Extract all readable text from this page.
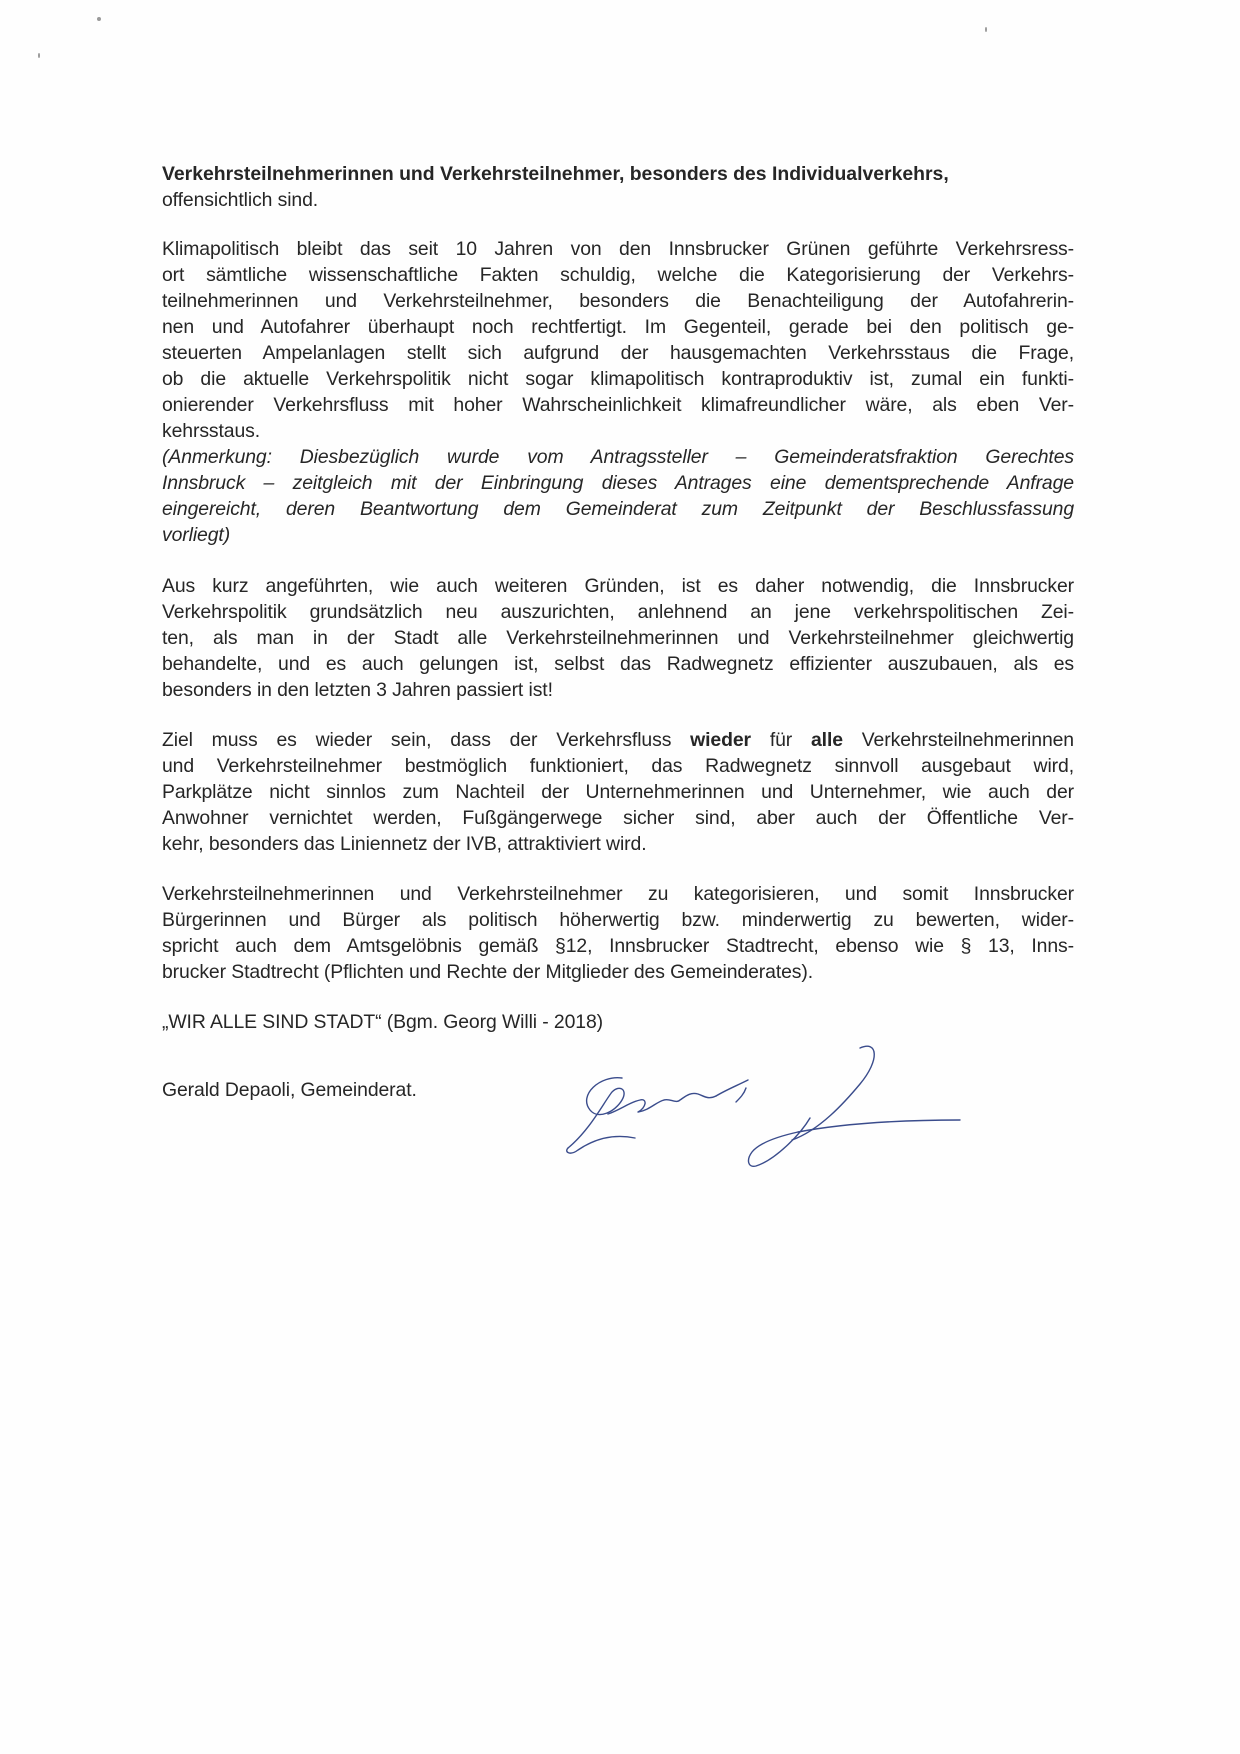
Verkehrsteilnehmerinnen und Verkehrsteilnehmer, besonders des Individualverkehrs,
offensichtlich sind.
Klimapolitisch bleibt das seit 10 Jahren von den Innsbrucker Grünen geführte Verkehrsress-
ort sämtliche wissenschaftliche Fakten schuldig, welche die Kategorisierung der Verkehrs-
teilnehmerinnen und Verkehrsteilnehmer, besonders die Benachteiligung der Autofahrerin-
nen und Autofahrer überhaupt noch rechtfertigt. Im Gegenteil, gerade bei den politisch ge-
steuerten Ampelanlagen stellt sich aufgrund der hausgemachten Verkehrsstaus die Frage,
ob die aktuelle Verkehrspolitik nicht sogar klimapolitisch kontraproduktiv ist, zumal ein funkti-
onierender Verkehrsfluss mit hoher Wahrscheinlichkeit klimafreundlicher wäre, als eben Ver-
kehrsstaus.
(Anmerkung: Diesbezüglich wurde vom Antragssteller – Gemeinderatsfraktion Gerechtes
Innsbruck – zeitgleich mit der Einbringung dieses Antrages eine dementsprechende Anfrage
eingereicht, deren Beantwortung dem Gemeinderat zum Zeitpunkt der Beschlussfassung
vorliegt)
Aus kurz angeführten, wie auch weiteren Gründen, ist es daher notwendig, die Innsbrucker
Verkehrspolitik grundsätzlich neu auszurichten, anlehnend an jene verkehrspolitischen Zei-
ten, als man in der Stadt alle Verkehrsteilnehmerinnen und Verkehrsteilnehmer gleichwertig
behandelte, und es auch gelungen ist, selbst das Radwegnetz effizienter auszubauen, als es
besonders in den letzten 3 Jahren passiert ist!
Ziel muss es wieder sein, dass der Verkehrsfluss wieder für alle Verkehrsteilnehmerinnen
und Verkehrsteilnehmer bestmöglich funktioniert, das Radwegnetz sinnvoll ausgebaut wird,
Parkplätze nicht sinnlos zum Nachteil der Unternehmerinnen und Unternehmer, wie auch der
Anwohner vernichtet werden, Fußgängerwege sicher sind, aber auch der Öffentliche Ver-
kehr, besonders das Liniennetz der IVB, attraktiviert wird.
Verkehrsteilnehmerinnen und Verkehrsteilnehmer zu kategorisieren, und somit Innsbrucker
Bürgerinnen und Bürger als politisch höherwertig bzw. minderwertig zu bewerten, wider-
spricht auch dem Amtsgelöbnis gemäß §12, Innsbrucker Stadtrecht, ebenso wie § 13, Inns-
brucker Stadtrecht (Pflichten und Rechte der Mitglieder des Gemeinderates).
„WIR ALLE SIND STADT“ (Bgm. Georg Willi - 2018)
Gerald Depaoli, Gemeinderat.
